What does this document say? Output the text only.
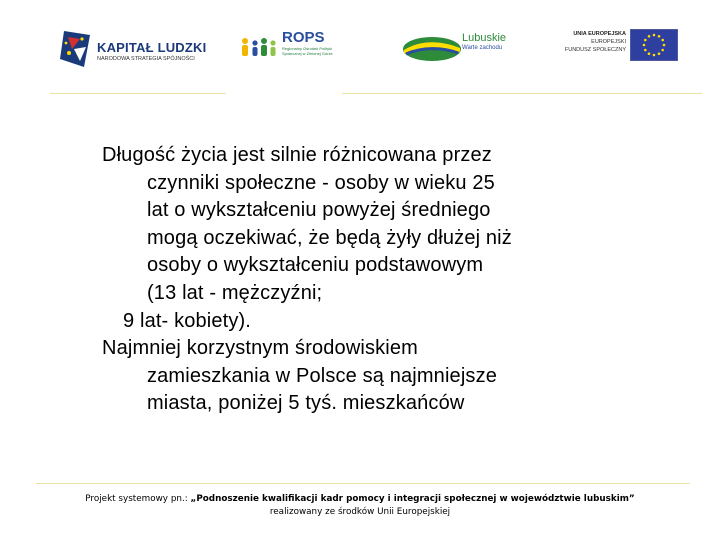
KAPITAŁ LUDZKI
NARODOWA STRATEGIA SPÓJNOŚCI
ROPS
Regionalny Ośrodek Polityki Społecznej w Zielonej Górze
Lubuskie
Warte zachodu
UNIA EUROPEJSKA
EUROPEJSKI
FUNDUSZ SPOŁECZNY

Długość życia jest silnie różnicowana przez
czynniki społeczne - osoby w wieku 25
lat o wykształceniu powyżej średniego
mogą oczekiwać, że będą żyły dłużej niż
osoby o wykształceniu podstawowym
(13 lat - mężczyźni;
9 lat- kobiety).

Najmniej korzystnym środowiskiem
zamieszkania w Polsce są najmniejsze
miasta, poniżej 5 tyś. mieszkańców

Projekt systemowy pn.: „Podnoszenie kwalifikacji kadr pomocy i integracji społecznej w województwie lubuskim”
realizowany ze środków Unii Europejskiej
